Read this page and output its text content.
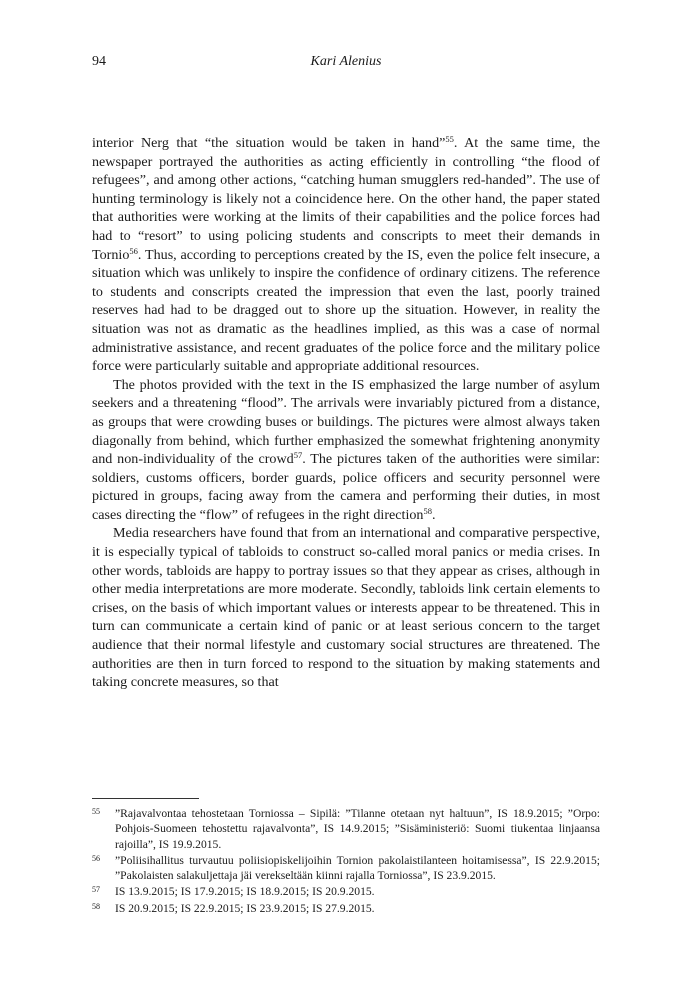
94	Kari Alenius

interior Nerg that “the situation would be taken in hand”$^{55}$. At the same time, the newspaper portrayed the authorities as acting efficiently in controlling “the flood of refugees”, and among other actions, “catching human smugglers red-handed”. The use of hunting terminology is likely not a coincidence here. On the other hand, the paper stated that authorities were working at the limits of their capabilities and the police forces had had to “resort” to using policing students and conscripts to meet their demands in Tornio$^{56}$. Thus, according to perceptions created by the IS, even the police felt insecure, a situation which was unlikely to inspire the confidence of ordinary citizens. The reference to students and conscripts created the impression that even the last, poorly trained reserves had had to be dragged out to shore up the situation. However, in reality the situation was not as dramatic as the headlines implied, as this was a case of normal administrative assistance, and recent graduates of the police force and the military police force were particularly suitable and appropriate additional resources.

The photos provided with the text in the IS emphasized the large number of asylum seekers and a threatening “flood”. The arrivals were invariably pictured from a distance, as groups that were crowding buses or buildings. The pictures were almost always taken diagonally from behind, which further emphasized the somewhat frightening anonymity and non-individuality of the crowd$^{57}$. The pictures taken of the authorities were similar: soldiers, customs officers, border guards, police officers and security personnel were pictured in groups, facing away from the camera and performing their duties, in most cases directing the “flow” of refugees in the right direction$^{58}$.

Media researchers have found that from an international and comparative perspective, it is especially typical of tabloids to construct so-called moral panics or media crises. In other words, tabloids are happy to portray issues so that they appear as crises, although in other media interpretations are more moderate. Secondly, tabloids link certain elements to crises, on the basis of which important values or interests appear to be threatened. This in turn can communicate a certain kind of panic or at least serious concern to the target audience that their normal lifestyle and customary social structures are threatened. The authorities are then in turn forced to respond to the situation by making statements and taking concrete measures, so that

55 ”Rajavalvontaa tehostetaan Torniossa – Sipilä: ”Tilanne otetaan nyt haltuun”, IS 18.9.2015; ”Orpo: Pohjois-Suomeen tehostettu rajavalvonta”, IS 14.9.2015; ”Sisäministeriö: Suomi tiukentaa linjaansa rajoilla”, IS 19.9.2015.
56 ”Poliisihallitus turvautuu poliisiopiskelijoihin Tornion pakolaistilanteen hoitamisessa”, IS 22.9.2015; ”Pakolaisten salakuljettaja jäi verekseltään kiinni rajalla Torniossa”, IS 23.9.2015.
57 IS 13.9.2015; IS 17.9.2015; IS 18.9.2015; IS 20.9.2015.
58 IS 20.9.2015; IS 22.9.2015; IS 23.9.2015; IS 27.9.2015.
